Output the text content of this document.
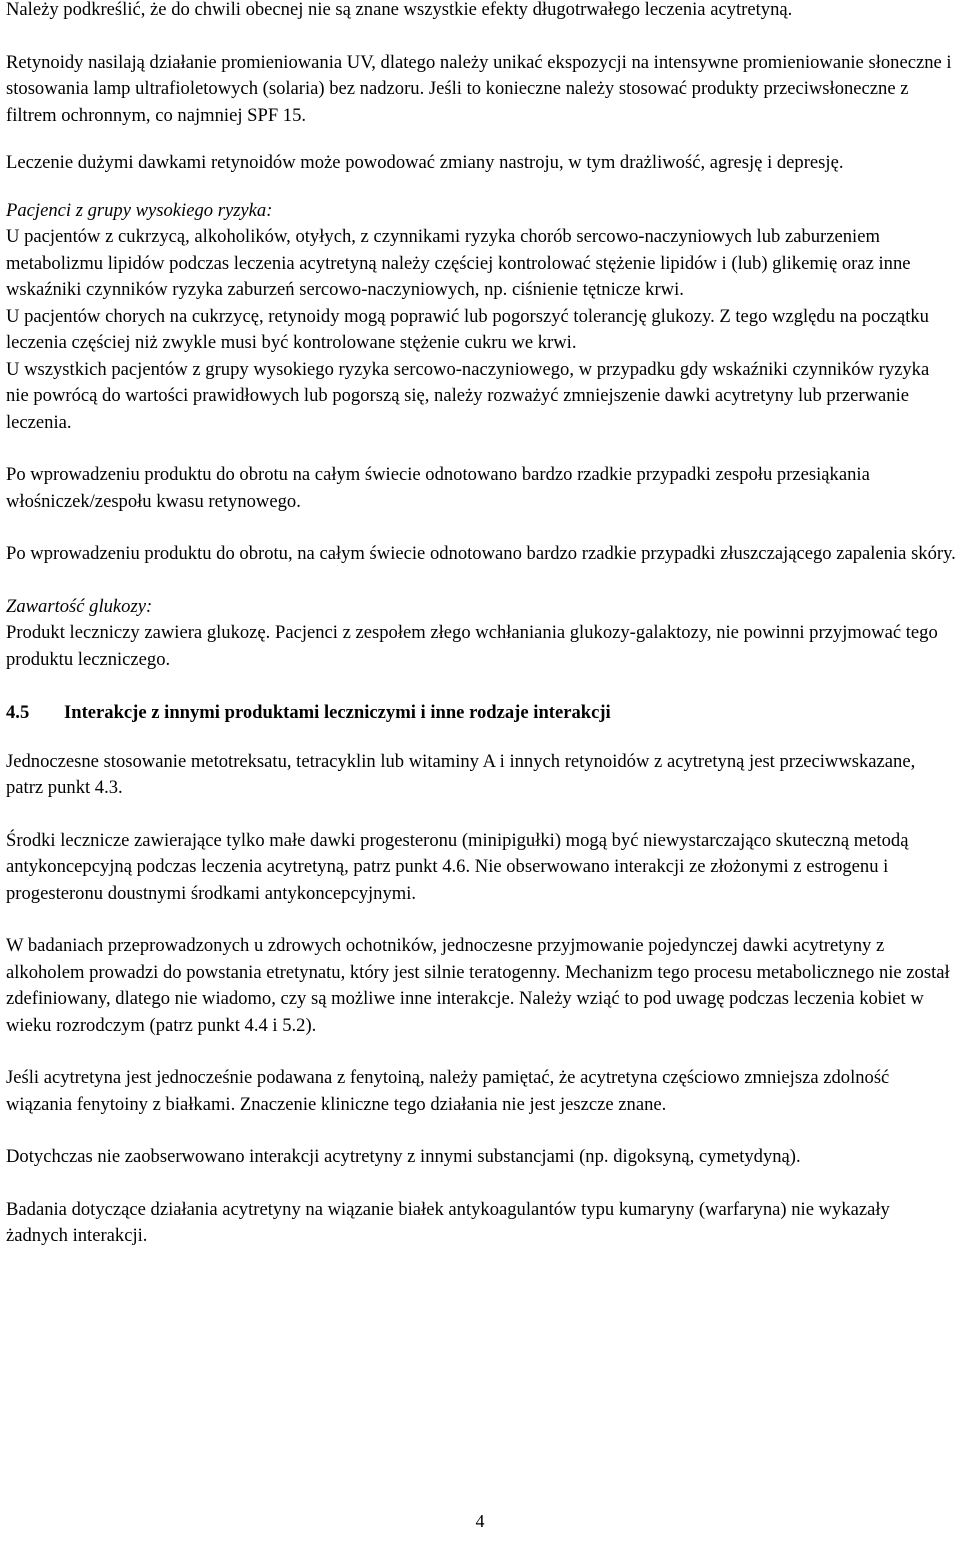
Należy podkreślić, że do chwili obecnej nie są znane wszystkie efekty długotrwałego leczenia acytretyną.

Retynoidy nasilają działanie promieniowania UV, dlatego należy unikać ekspozycji na intensywne promieniowanie słoneczne i stosowania lamp ultrafioletowych (solaria) bez nadzoru. Jeśli to konieczne należy stosować produkty przeciwsłoneczne z filtrem ochronnym, co najmniej SPF 15.

Leczenie dużymi dawkami retynoidów może powodować zmiany nastroju, w tym drażliwość, agresję i depresję.

Pacjenci z grupy wysokiego ryzyka:

U pacjentów z cukrzycą, alkoholików, otyłych, z czynnikami ryzyka chorób sercowo-naczyniowych lub zaburzeniem metabolizmu lipidów podczas leczenia acytretyną należy częściej kontrolować stężenie lipidów i (lub) glikemię oraz inne wskaźniki czynników ryzyka zaburzeń sercowo-naczyniowych, np. ciśnienie tętnicze krwi.

U pacjentów chorych na cukrzycę, retynoidy mogą poprawić lub pogorszyć tolerancję glukozy. Z tego względu na początku leczenia częściej niż zwykle musi być kontrolowane stężenie cukru we krwi.

U wszystkich pacjentów z grupy wysokiego ryzyka sercowo-naczyniowego, w przypadku gdy wskaźniki czynników ryzyka nie powrócą do wartości prawidłowych lub pogorszą się, należy rozważyć zmniejszenie dawki acytretyny lub przerwanie leczenia.

Po wprowadzeniu produktu do obrotu na całym świecie odnotowano bardzo rzadkie przypadki zespołu przesiąkania włośniczek/zespołu kwasu retynowego.

Po wprowadzeniu produktu do obrotu, na całym świecie odnotowano bardzo rzadkie przypadki złuszczającego zapalenia skóry.

Zawartość glukozy:

Produkt leczniczy zawiera glukozę. Pacjenci z zespołem złego wchłaniania glukozy-galaktozy, nie powinni przyjmować tego produktu leczniczego.

4.5	Interakcje z innymi produktami leczniczymi i inne rodzaje interakcji

Jednoczesne stosowanie metotreksatu, tetracyklin lub witaminy A i innych retynoidów z acytretyną jest przeciwwskazane, patrz punkt 4.3.

Środki lecznicze zawierające tylko małe dawki progesteronu (minipigułki) mogą być niewystarczająco skuteczną metodą antykoncepcyjną podczas leczenia acytretyną, patrz punkt 4.6. Nie obserwowano interakcji ze złożonymi z estrogenu i progesteronu doustnymi środkami antykoncepcyjnymi.

W badaniach przeprowadzonych u zdrowych ochotników, jednoczesne przyjmowanie pojedynczej dawki acytretyny z alkoholem prowadzi do powstania etretynatu, który jest silnie teratogenny. Mechanizm tego procesu metabolicznego nie został zdefiniowany, dlatego nie wiadomo, czy są możliwe inne interakcje. Należy wziąć to pod uwagę podczas leczenia kobiet w wieku rozrodczym (patrz punkt 4.4 i 5.2).

Jeśli acytretyna jest jednocześnie podawana z fenytoiną, należy pamiętać, że acytretyna częściowo zmniejsza zdolność wiązania fenytoiny z białkami. Znaczenie kliniczne tego działania nie jest jeszcze znane.

Dotychczas nie zaobserwowano interakcji acytretyny z innymi substancjami (np. digoksyną, cymetydyną).

Badania dotyczące działania acytretyny na wiązanie białek antykoagulantów typu kumaryny (warfaryna) nie wykazały żadnych interakcji.

4
